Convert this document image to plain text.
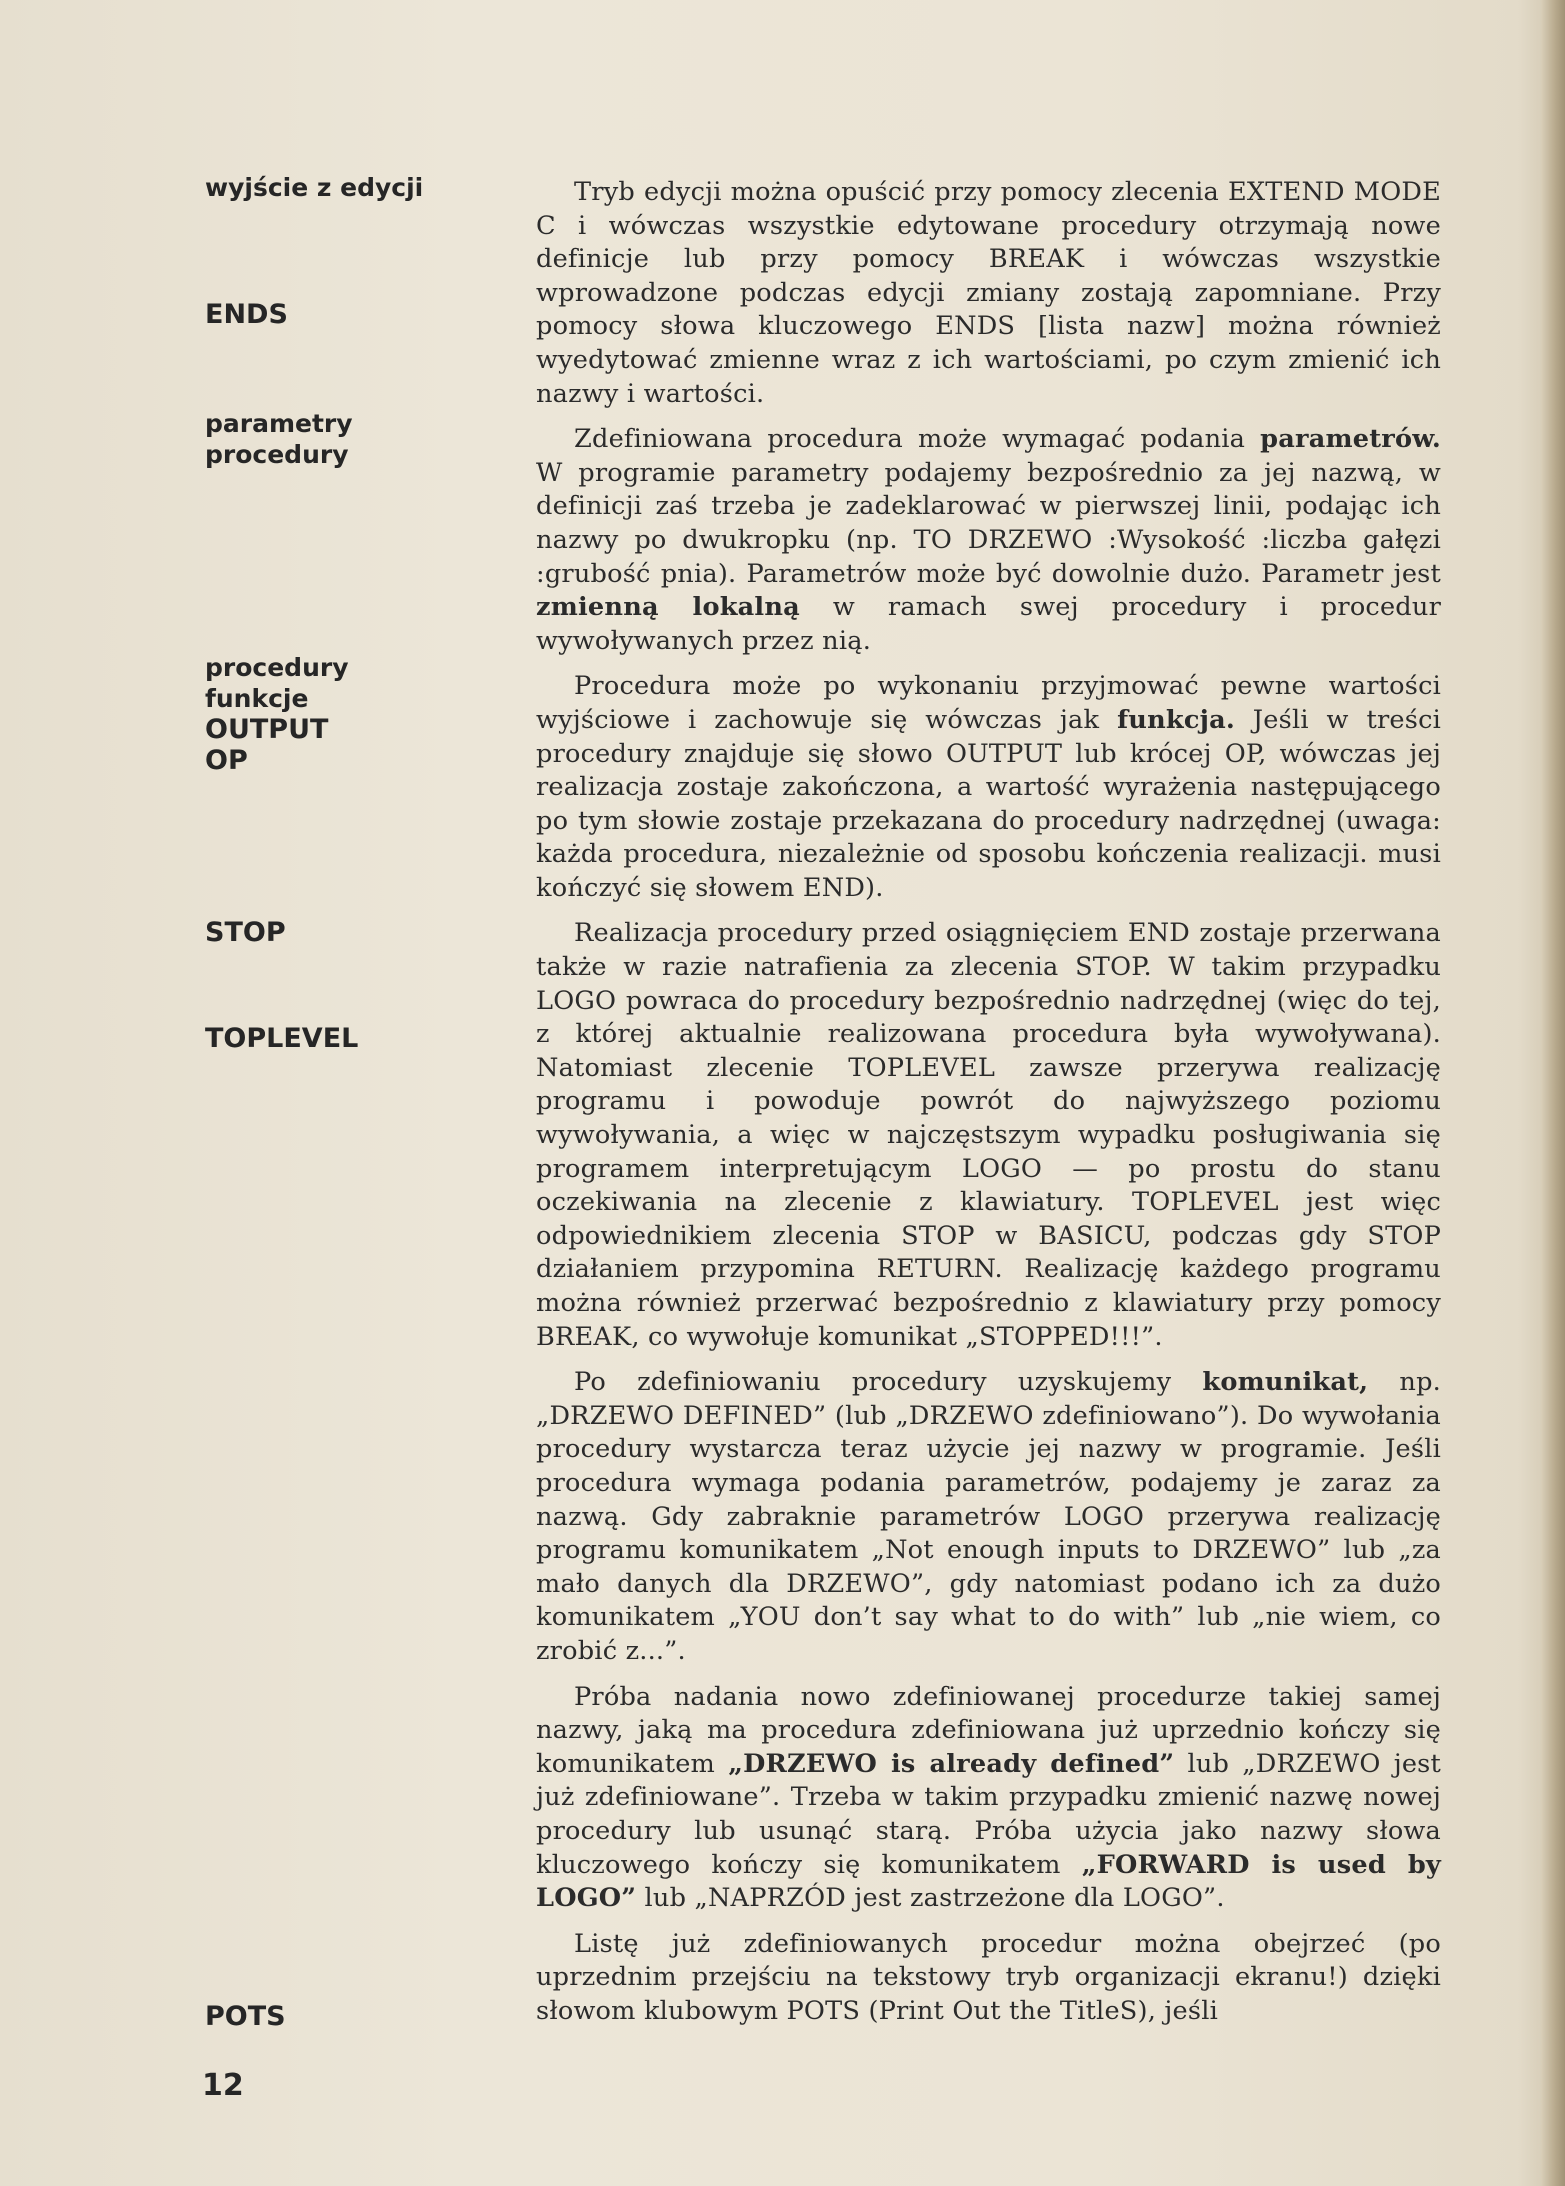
wyjście z edycji
ENDS
parametry
procedury
procedury
funkcje
OUTPUT
OP
STOP
TOPLEVEL
POTS
12

Tryb edycji można opuścić przy pomocy zlecenia EXTEND MODE C i wówczas wszystkie edytowane procedury otrzymają nowe definicje lub przy pomocy BREAK i wówczas wszystkie wprowadzone podczas edycji zmiany zostają zapomniane. Przy pomocy słowa kluczowego ENDS [lista nazw] można również wyedytować zmienne wraz z ich wartościami, po czym zmienić ich nazwy i wartości.

Zdefiniowana procedura może wymagać podania parametrów. W programie parametry podajemy bezpośrednio za jej nazwą, w definicji zaś trzeba je zadeklarować w pierwszej linii, podając ich nazwy po dwukropku (np. TO DRZEWO :Wysokość :liczba gałęzi :grubość pnia). Parametrów może być dowolnie dużo. Parametr jest zmienną lokalną w ramach swej procedury i procedur wywoływanych przez nią.

Procedura może po wykonaniu przyjmować pewne wartości wyjściowe i zachowuje się wówczas jak funkcja. Jeśli w treści procedury znajduje się słowo OUTPUT lub krócej OP, wówczas jej realizacja zostaje zakończona, a wartość wyrażenia następującego po tym słowie zostaje przekazana do procedury nadrzędnej (uwaga: każda procedura, niezależnie od sposobu kończenia realizacji. musi kończyć się słowem END).

Realizacja procedury przed osiągnięciem END zostaje przerwana także w razie natrafienia za zlecenia STOP. W takim przypadku LOGO powraca do procedury bezpośrednio nadrzędnej (więc do tej, z której aktualnie realizowana procedura była wywoływana). Natomiast zlecenie TOPLEVEL zawsze przerywa realizację programu i powoduje powrót do najwyższego poziomu wywoływania, a więc w najczęstszym wypadku posługiwania się programem interpretującym LOGO — po prostu do stanu oczekiwania na zlecenie z klawiatury. TOPLEVEL jest więc odpowiednikiem zlecenia STOP w BASICU, podczas gdy STOP działaniem przypomina RETURN. Realizację każdego programu można również przerwać bezpośrednio z klawiatury przy pomocy BREAK, co wywołuje komunikat „STOPPED!!!”.

Po zdefiniowaniu procedury uzyskujemy komunikat, np. „DRZEWO DEFINED” (lub „DRZEWO zdefiniowano”). Do wywołania procedury wystarcza teraz użycie jej nazwy w programie. Jeśli procedura wymaga podania parametrów, podajemy je zaraz za nazwą. Gdy zabraknie parametrów LOGO przerywa realizację programu komunikatem „Not enough inputs to DRZEWO” lub „za mało danych dla DRZEWO”, gdy natomiast podano ich za dużo komunikatem „YOU don’t say what to do with” lub „nie wiem, co zrobić z...”.

Próba nadania nowo zdefiniowanej procedurze takiej samej nazwy, jaką ma procedura zdefiniowana już uprzednio kończy się komunikatem „DRZEWO is already defined” lub „DRZEWO jest już zdefiniowane”. Trzeba w takim przypadku zmienić nazwę nowej procedury lub usunąć starą. Próba użycia jako nazwy słowa kluczowego kończy się komunikatem „FORWARD is used by LOGO” lub „NAPRZÓD jest zastrzeżone dla LOGO”.

Listę już zdefiniowanych procedur można obejrzeć (po uprzednim przejściu na tekstowy tryb organizacji ekranu!) dzięki słowom klubowym POTS (Print Out the TitleS), jeśli
